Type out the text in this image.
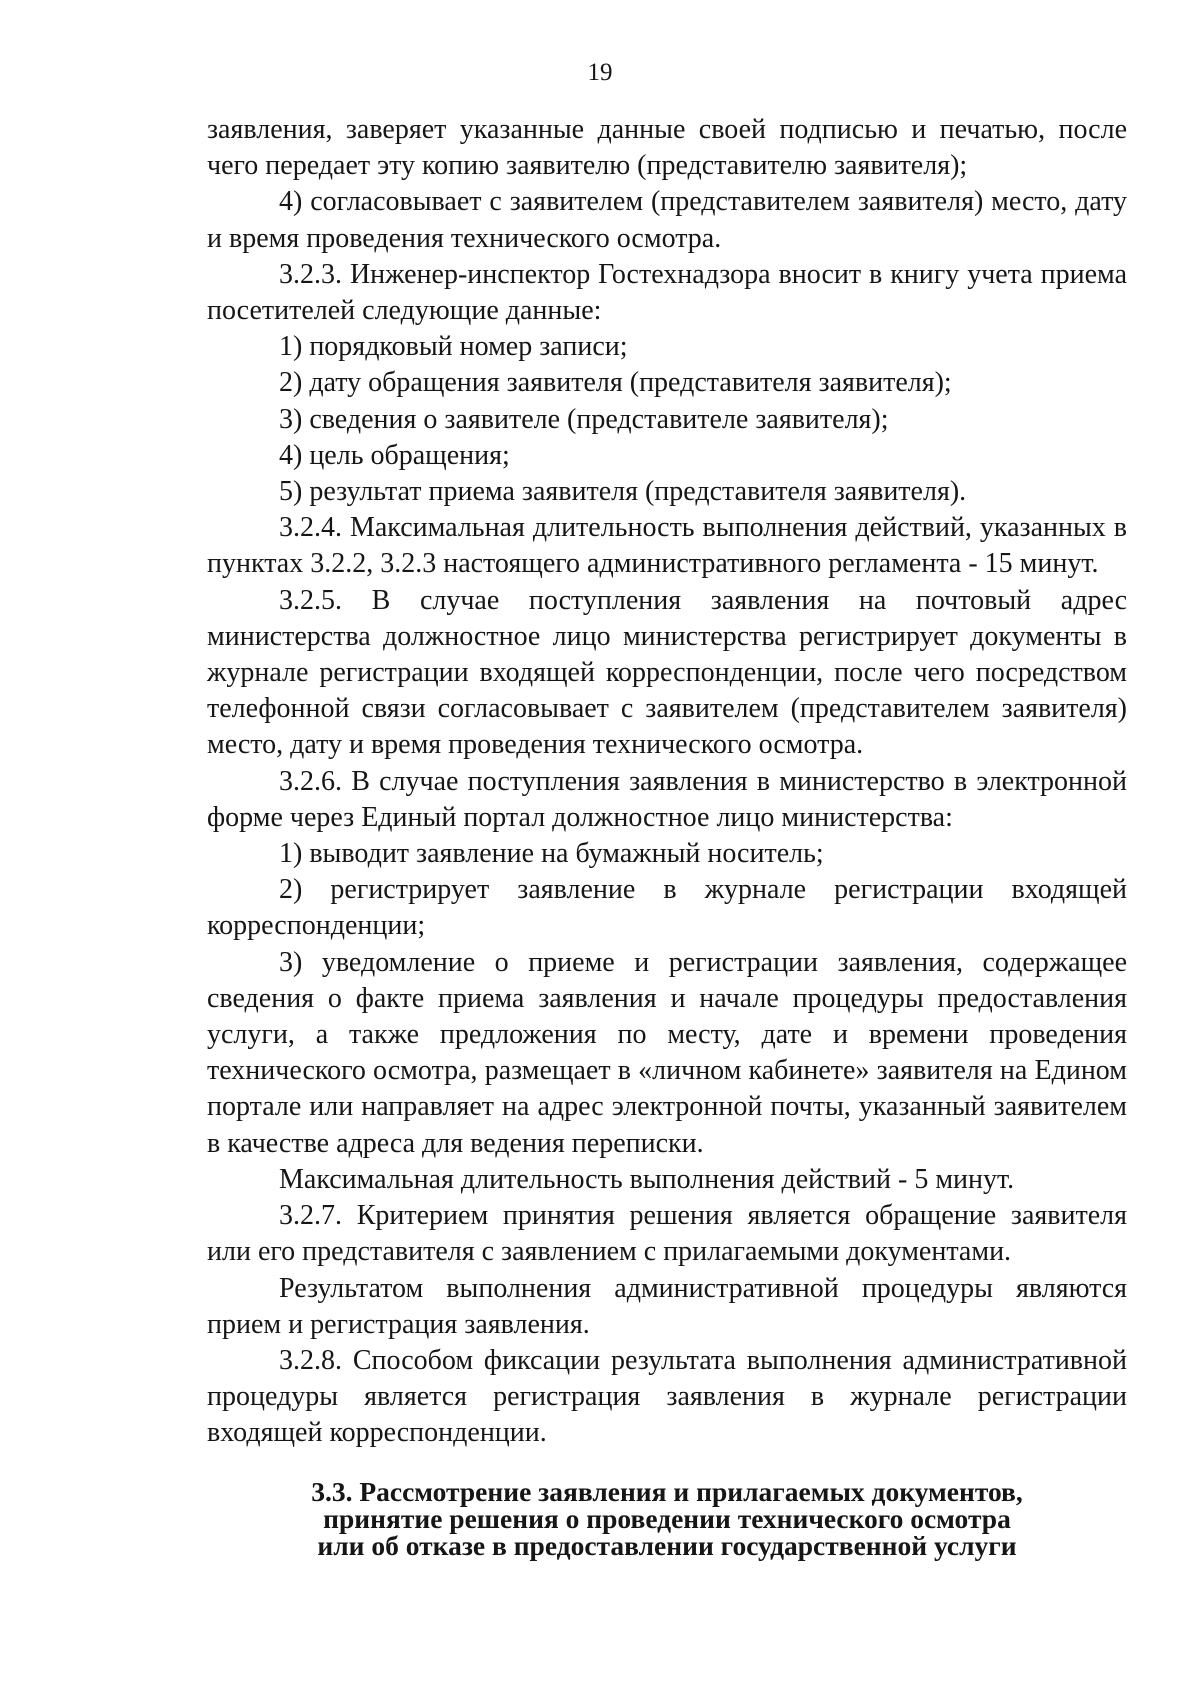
19

заявления, заверяет указанные данные своей подписью и печатью, после чего передает эту копию заявителю (представителю заявителя);

4) согласовывает с заявителем (представителем заявителя) место, дату и время проведения технического осмотра.

3.2.3. Инженер-инспектор Гостехнадзора вносит в книгу учета приема посетителей следующие данные:

1) порядковый номер записи;

2) дату обращения заявителя (представителя заявителя);

3) сведения о заявителе (представителе заявителя);

4) цель обращения;

5) результат приема заявителя (представителя заявителя).

3.2.4. Максимальная длительность выполнения действий, указанных в пунктах 3.2.2, 3.2.3 настоящего административного регламента - 15 минут.

3.2.5. В случае поступления заявления на почтовый адрес министерства должностное лицо министерства регистрирует документы в журнале регистрации входящей корреспонденции, после чего посредством телефонной связи согласовывает с заявителем (представителем заявителя) место, дату и время проведения технического осмотра.

3.2.6. В случае поступления заявления в министерство в электронной форме через Единый портал должностное лицо министерства:

1) выводит заявление на бумажный носитель;

2) регистрирует заявление в журнале регистрации входящей корреспонденции;

3) уведомление о приеме и регистрации заявления, содержащее сведения о факте приема заявления и начале процедуры предоставления услуги, а также предложения по месту, дате и времени проведения технического осмотра, размещает в «личном кабинете» заявителя на Едином портале или направляет на адрес электронной почты, указанный заявителем в качестве адреса для ведения переписки.

Максимальная длительность выполнения действий - 5 минут.

3.2.7. Критерием принятия решения является обращение заявителя или его представителя с заявлением с прилагаемыми документами.

Результатом выполнения административной процедуры являются прием и регистрация заявления.

3.2.8. Способом фиксации результата выполнения административной процедуры является регистрация заявления в журнале регистрации входящей корреспонденции.

3.3. Рассмотрение заявления и прилагаемых документов,
принятие решения о проведении технического осмотра
или об отказе в предоставлении государственной услуги
